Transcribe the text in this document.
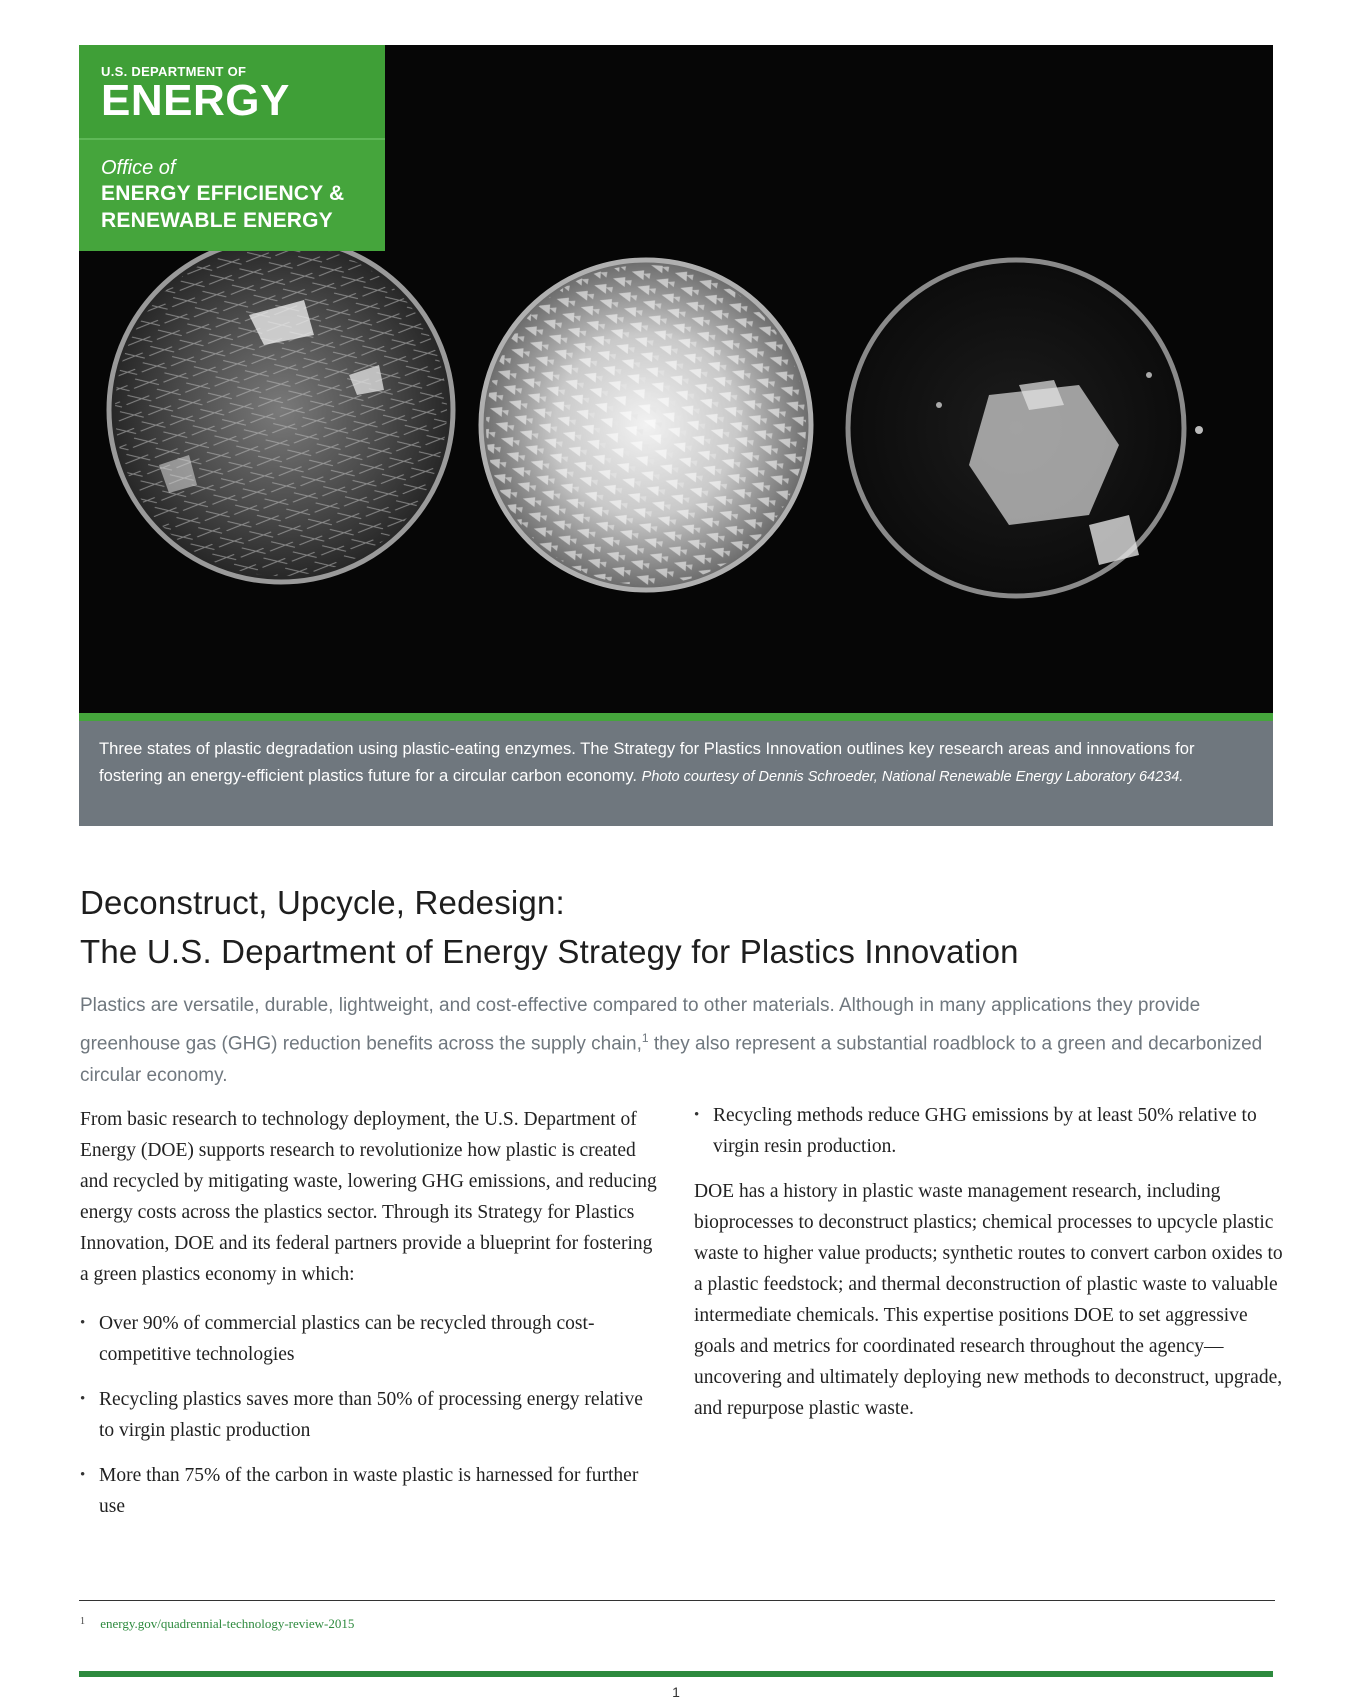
U.S. DEPARTMENT OF
ENERGY
Office of
ENERGY EFFICIENCY &
RENEWABLE ENERGY
Three states of plastic degradation using plastic-eating enzymes. The Strategy for Plastics Innovation outlines key research areas and innovations for fostering an energy-efficient plastics future for a circular carbon economy. Photo courtesy of Dennis Schroeder, National Renewable Energy Laboratory 64234.
Deconstruct, Upcycle, Redesign:
The U.S. Department of Energy Strategy for Plastics Innovation
Plastics are versatile, durable, lightweight, and cost-effective compared to other materials. Although in many applications they provide greenhouse gas (GHG) reduction benefits across the supply chain,$^1$ they also represent a substantial roadblock to a green and decarbonized circular economy.

From basic research to technology deployment, the U.S. Department of Energy (DOE) supports research to revolutionize how plastic is created and recycled by mitigating waste, lowering GHG emissions, and reducing energy costs across the plastics sector. Through its Strategy for Plastics Innovation, DOE and its federal partners provide a blueprint for fostering a green plastics economy in which:

• Over 90% of commercial plastics can be recycled through cost-competitive technologies
• Recycling plastics saves more than 50% of processing energy relative to virgin plastic production
• More than 75% of the carbon in waste plastic is harnessed for further use
• Recycling methods reduce GHG emissions by at least 50% relative to virgin resin production.

DOE has a history in plastic waste management research, including bioprocesses to deconstruct plastics; chemical processes to upcycle plastic waste to higher value products; synthetic routes to convert carbon oxides to a plastic feedstock; and thermal deconstruction of plastic waste to valuable intermediate chemicals. This expertise positions DOE to set aggressive goals and metrics for coordinated research throughout the agency—uncovering and ultimately deploying new methods to deconstruct, upgrade, and repurpose plastic waste.

$^1$ energy.gov/quadrennial-technology-review-2015
1
